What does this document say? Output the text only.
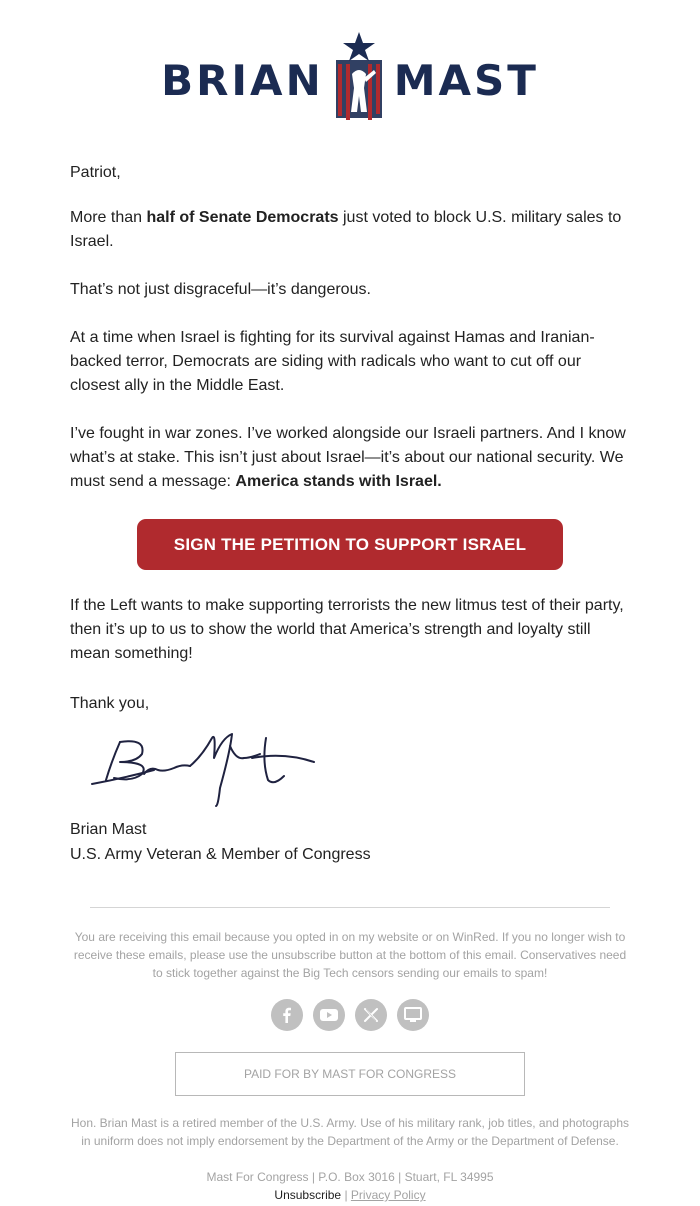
BRIAN MAST

Patriot,

More than half of Senate Democrats just voted to block U.S. military sales to Israel.

That’s not just disgraceful—it’s dangerous.

At a time when Israel is fighting for its survival against Hamas and Iranian-backed terror, Democrats are siding with radicals who want to cut off our closest ally in the Middle East.

I’ve fought in war zones. I’ve worked alongside our Israeli partners. And I know what’s at stake. This isn’t just about Israel—it’s about our national security. We must send a message: America stands with Israel.

SIGN THE PETITION TO SUPPORT ISRAEL

If the Left wants to make supporting terrorists the new litmus test of their party, then it’s up to us to show the world that America’s strength and loyalty still mean something!

Thank you,

Brian Mast
U.S. Army Veteran & Member of Congress
You are receiving this email because you opted in on my website or on WinRed. If you no longer wish to receive these emails, please use the unsubscribe button at the bottom of this email. Conservatives need to stick together against the Big Tech censors sending our emails to spam!
PAID FOR BY MAST FOR CONGRESS
Hon. Brian Mast is a retired member of the U.S. Army. Use of his military rank, job titles, and photographs in uniform does not imply endorsement by the Department of the Army or the Department of Defense.
Mast For Congress | P.O. Box 3016 | Stuart, FL 34995
Unsubscribe | Privacy Policy
